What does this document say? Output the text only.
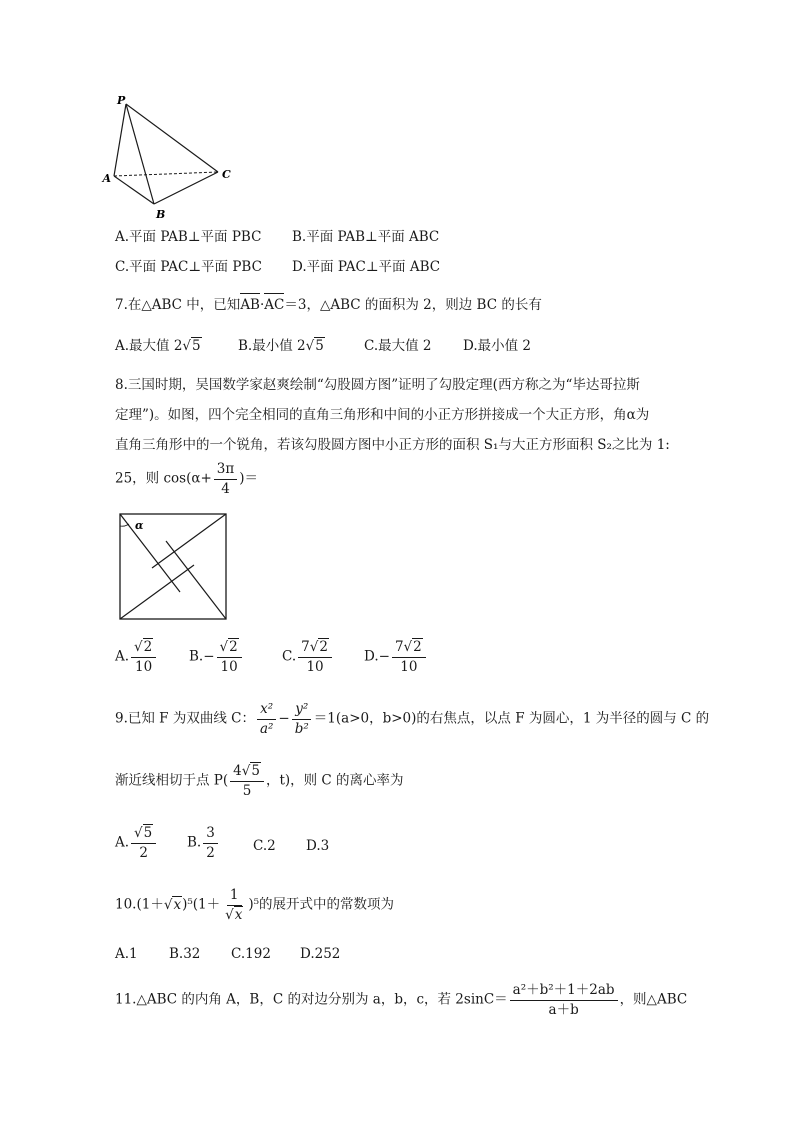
P
A
B
C
A.平面 PAB⊥平面 PBC B.平面 PAB⊥平面 ABC
C.平面 PAC⊥平面 PBC D.平面 PAC⊥平面 ABC
7.在△ABC 中，已知
AB·
AC＝3，△ABC 的面积为 2，则边 BC 的长有
A.最大值 2√5	B.最小值 2√5	C.最大值 2 D.最小值 2
8.三国时期，吴国数学家赵爽绘制“勾股圆方图”证明了勾股定理(西方称之为“毕达哥拉斯
定理”)。如图，四个完全相同的直角三角形和中间的小正方形拼接成一个大正方形，角α为
直角三角形中的一个锐角，若该勾股圆方图中小正方形的面积 S₁与大正方形面积 S₂之比为 1:
25，则 $\cos(\alpha+ \frac{3\pi}{4}$ )＝
α
A. $\frac{√2}{10} B.- \frac{√2}{10}$	C. $\frac{7√2}{10} D.- \frac{7√2}{10}$
9.已知 F 为双曲线 C： $\frac{\text{x²}}{\text{a²}} - \frac{\text{y²}}{\text{b²}} =1(a>0$，b>0)的右焦点，以点 F 为圆心，1 为半径的圆与 C 的
渐近线相切于点 $P( \frac{4√5}{5}$ ，t)，则 C 的离心率为
A. $\frac{√5}{2} B$. $\frac{3}{2}$	C.2 D.3
$10.(1+√x)^5(1+ \frac{1}{√x} )^5$的展开式中的常数项为
A.1 B.32 C.192 D.252
11.△ABC 的内角 A，B，C 的对边分别为 a，b，c，若 $2\sin C= \frac{\text{a²＋b²＋1＋2ab}}{a+b}$ ，则△ABC
